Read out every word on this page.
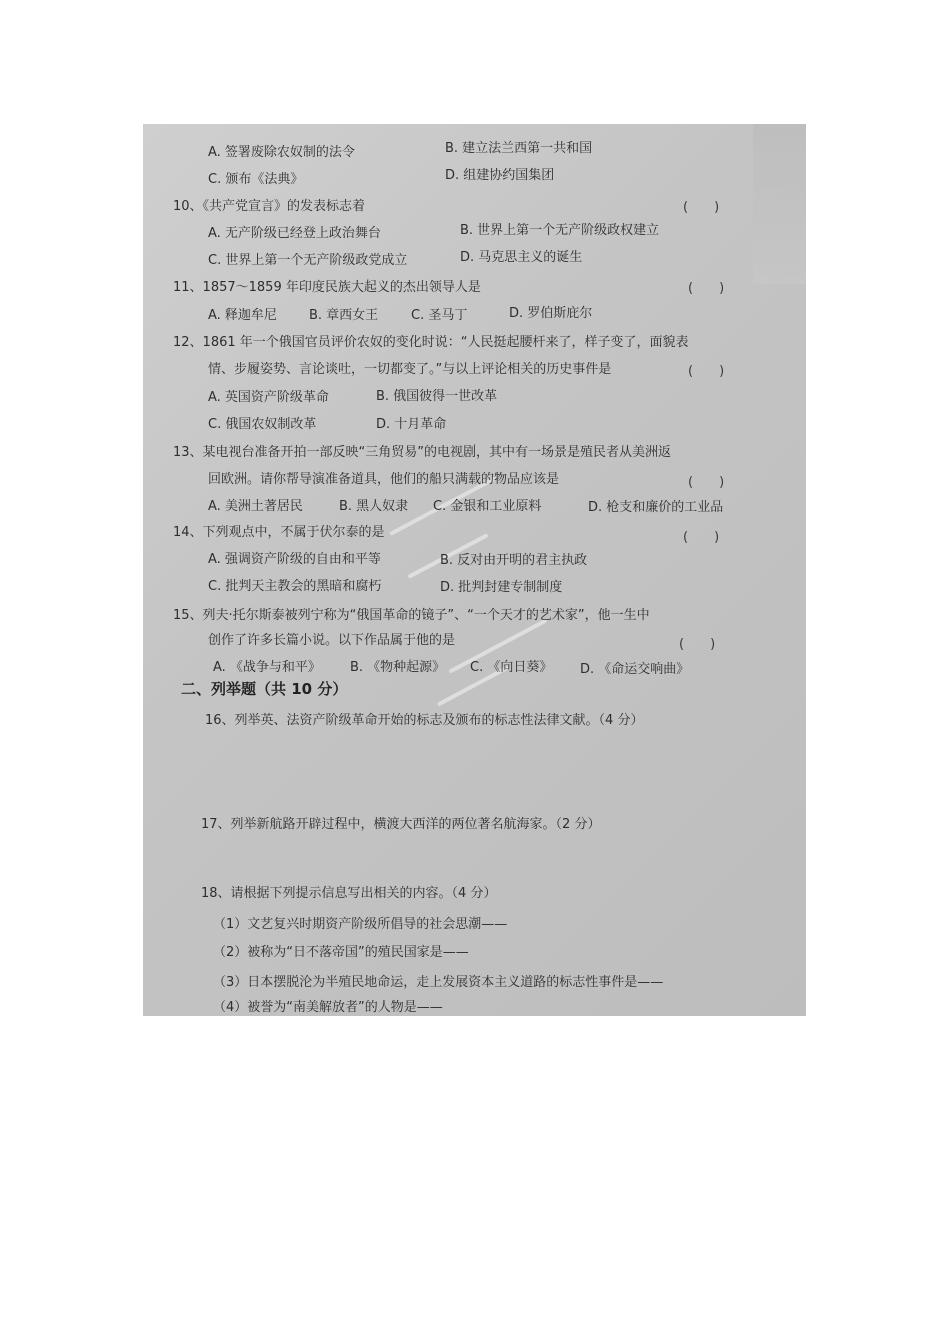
A. 签署废除农奴制的法令	B. 建立法兰西第一共和国
C. 颁布《法典》	D. 组建协约国集团
10、《共产党宣言》的发表标志着	(　　)
A. 无产阶级已经登上政治舞台	B. 世界上第一个无产阶级政权建立
C. 世界上第一个无产阶级政党成立	D. 马克思主义的诞生
11、1857～1859 年印度民族大起义的杰出领导人是	(　　)
A. 释迦牟尼 B. 章西女王	C. 圣马丁	D. 罗伯斯庇尔
12、1861 年一个俄国官员评价农奴的变化时说：“人民挺起腰杆来了，样子变了，面貌表
情、步履姿势、言论谈吐，一切都变了。”与以上评论相关的历史事件是	(　　)
A. 英国资产阶级革命	B. 俄国彼得一世改革
C. 俄国农奴制改革	D. 十月革命
13、某电视台准备开拍一部反映“三角贸易”的电视剧，其中有一场景是殖民者从美洲返
回欧洲。请你帮导演准备道具，他们的船只满载的物品应该是	(　　)
A. 美洲土著居民	B. 黑人奴隶 C. 金银和工业原料	D. 枪支和廉价的工业品
14、下列观点中，不属于伏尔泰的是	(　　)
A. 强调资产阶级的自由和平等	B. 反对由开明的君主执政
C. 批判天主教会的黑暗和腐朽	D. 批判封建专制制度
15、列夫·托尔斯泰被列宁称为“俄国革命的镜子”、“一个天才的艺术家”，他一生中
创作了许多长篇小说。以下作品属于他的是	(　　)
A. 《战争与和平》 B. 《物种起源》 C. 《向日葵》 D. 《命运交响曲》
二、列举题（共 10 分）
16、列举英、法资产阶级革命开始的标志及颁布的标志性法律文献。（4 分）
17、列举新航路开辟过程中，横渡大西洋的两位著名航海家。（2 分）
18、请根据下列提示信息写出相关的内容。（4 分）
（1）文艺复兴时期资产阶级所倡导的社会思潮——
（2）被称为“日不落帝国”的殖民国家是——
（3）日本摆脱沦为半殖民地命运，走上发展资本主义道路的标志性事件是——
（4）被誉为“南美解放者”的人物是——
